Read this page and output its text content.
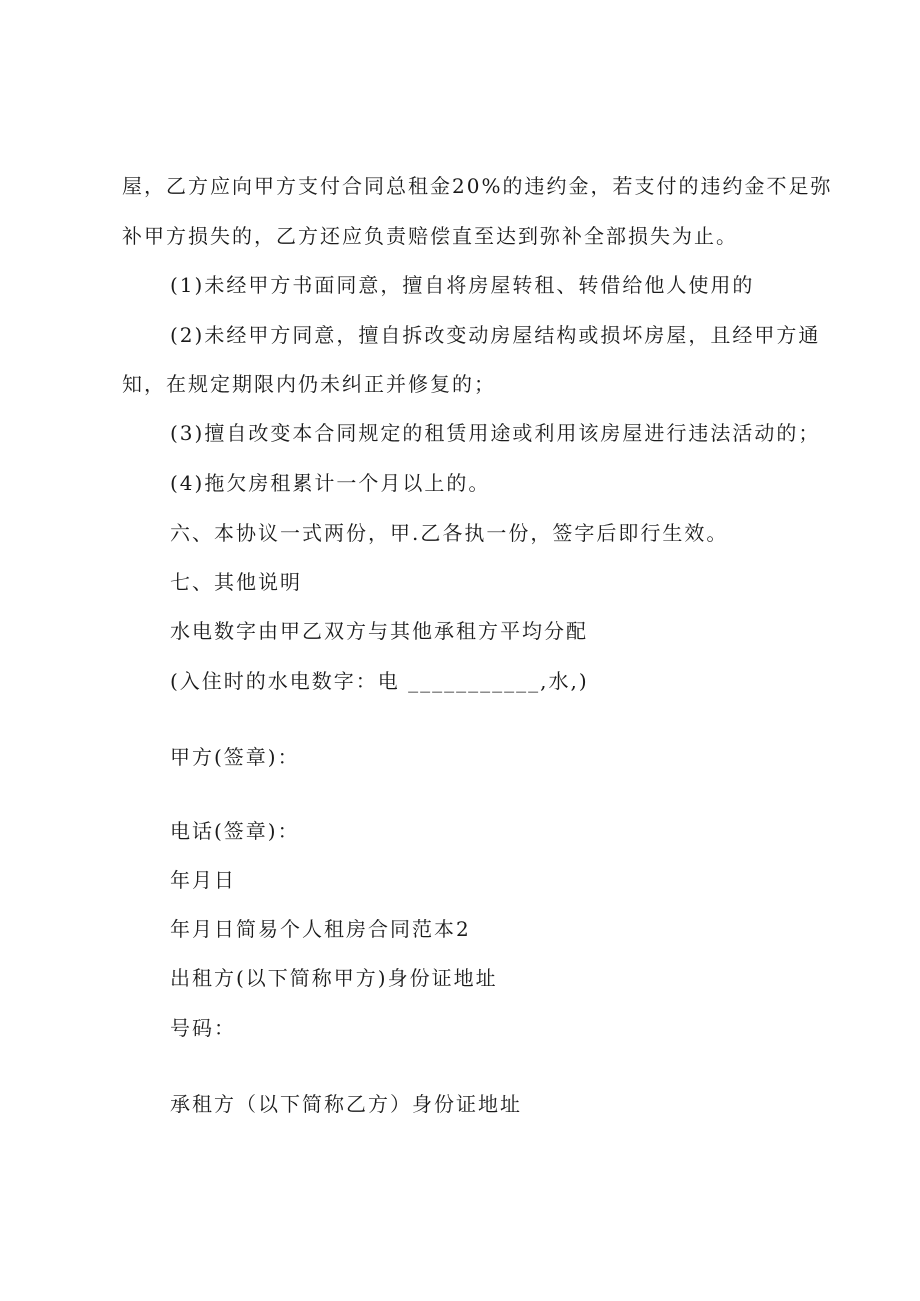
屋，乙方应向甲方支付合同总租金20%的违约金，若支付的违约金不足弥
补甲方损失的，乙方还应负责赔偿直至达到弥补全部损失为止。
(1)未经甲方书面同意，擅自将房屋转租、转借给他人使用的
(2)未经甲方同意，擅自拆改变动房屋结构或损坏房屋，且经甲方通
知，在规定期限内仍未纠正并修复的；
(3)擅自改变本合同规定的租赁用途或利用该房屋进行违法活动的；
(4)拖欠房租累计一个月以上的。
六、本协议一式两份，甲.乙各执一份，签字后即行生效。
七、其他说明
水电数字由甲乙双方与其他承租方平均分配
(入住时的水电数字：电 ___________,水,)
甲方(签章)：
电话(签章)：
年月日
年月日简易个人租房合同范本2
出租方(以下简称甲方)身份证地址
号码：
承租方（以下简称乙方）身份证地址
